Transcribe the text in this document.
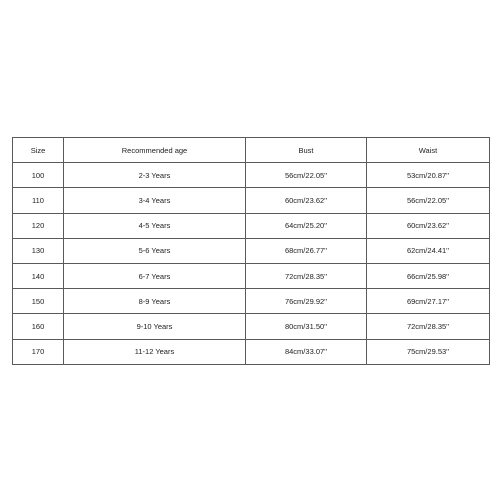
Size	Recommended age	Bust	Waist
100	2-3 Years	56cm/22.05''	53cm/20.87''
110	3-4 Years	60cm/23.62''	56cm/22.05''
120	4-5 Years	64cm/25.20''	60cm/23.62''
130	5-6 Years	68cm/26.77''	62cm/24.41''
140	6-7 Years	72cm/28.35''	66cm/25.98''
150	8-9 Years	76cm/29.92''	69cm/27.17''
160	9-10 Years	80cm/31.50''	72cm/28.35''
170	11-12 Years	84cm/33.07''	75cm/29.53''
